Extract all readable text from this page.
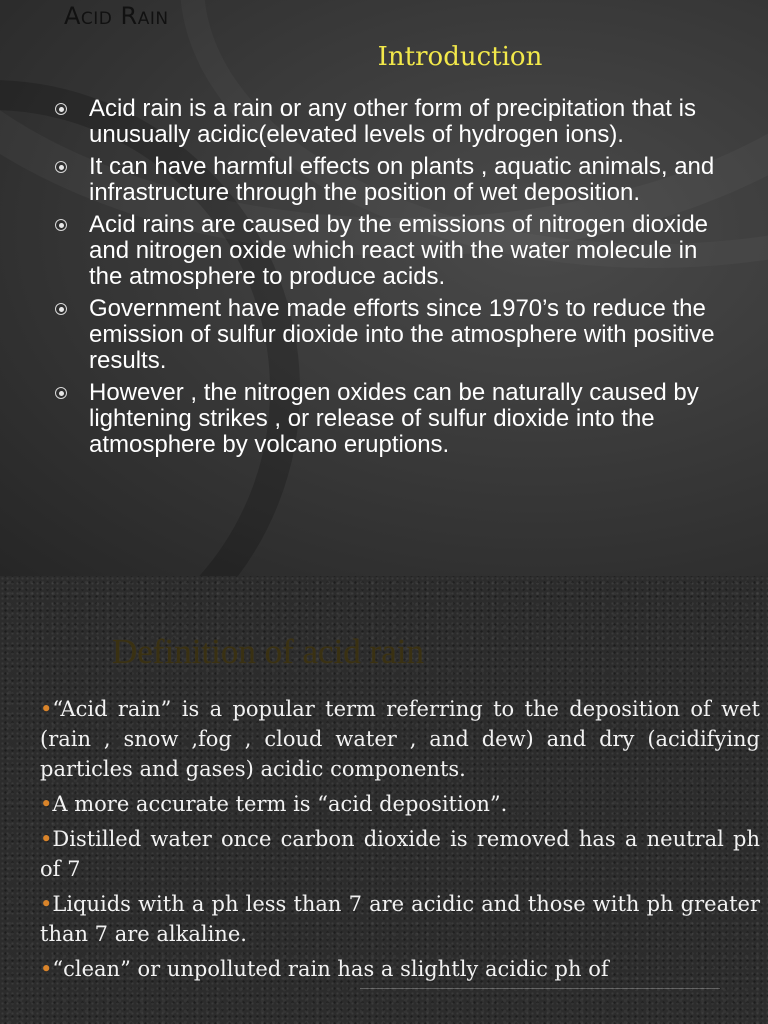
Acid Rain
Introduction
Acid rain is a rain or any other form of precipitation that is unusually acidic(elevated levels of hydrogen ions).
It can have harmful effects on plants , aquatic animals, and infrastructure through the position of wet deposition.
Acid rains are caused by the emissions of nitrogen dioxide and nitrogen oxide which react with the water molecule in the atmosphere to produce acids.
Government have made efforts since 1970’s to reduce the emission of sulfur dioxide into the atmosphere with positive results.
However , the nitrogen oxides can be naturally caused by lightening strikes , or release of sulfur dioxide into the atmosphere by volcano eruptions.
Definition of acid rain

•“Acid rain” is a popular term referring to the deposition of wet (rain , snow ,fog , cloud water , and dew) and dry (acidifying particles and gases) acidic components.

•A more accurate term is “acid deposition”.

•Distilled water once carbon dioxide is removed has a neutral ph of 7

•Liquids with a ph less than 7 are acidic and those with ph greater than 7 are alkaline.

•“clean” or unpolluted rain has a slightly acidic ph of
